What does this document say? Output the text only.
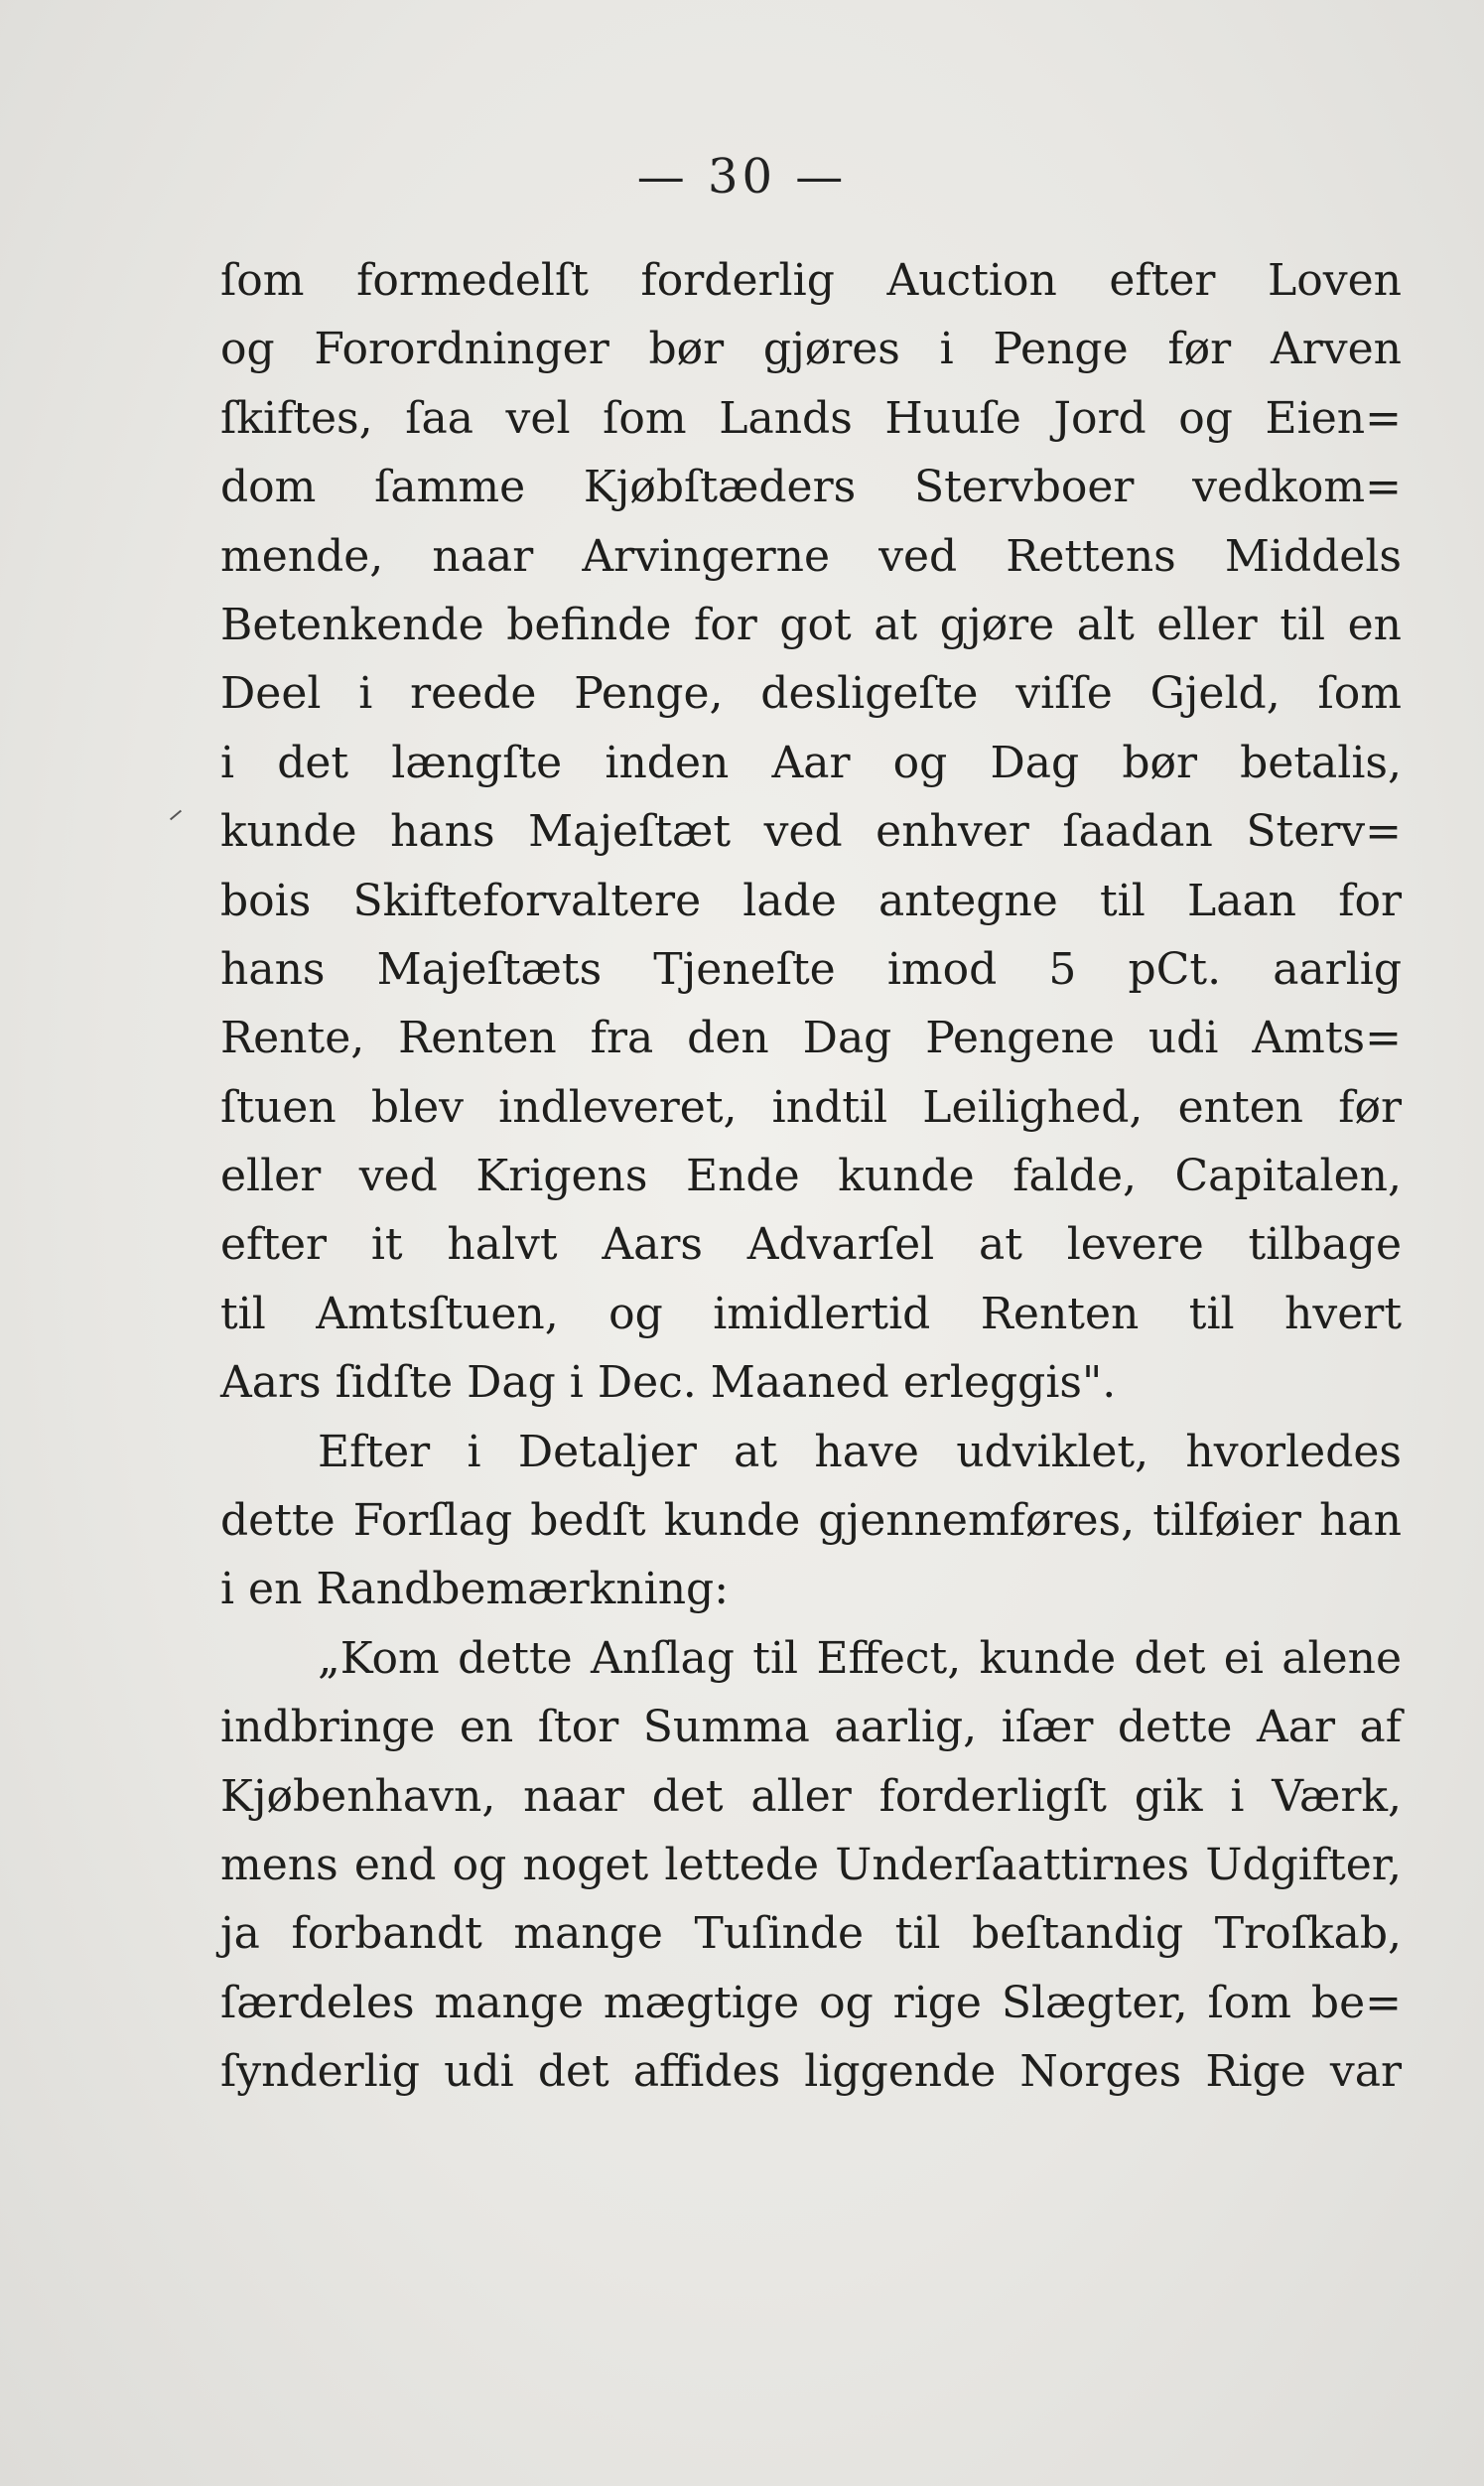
— 30 —
ſom formedelſt forderlig Auction efter Loven
og Forordninger bør gjøres i Penge før Arven
ſkiftes, ſaa vel ſom Lands Huuſe Jord og Eien=
dom ſamme Kjøbſtæders Stervboer vedkom=
mende, naar Arvingerne ved Rettens Middels
Betenkende befinde for got at gjøre alt eller til en
Deel i reede Penge, desligeſte viſſe Gjeld, ſom
i det længſte inden Aar og Dag bør betalis,
kunde hans Majeſtæt ved enhver ſaadan Sterv=
bois Skifteforvaltere lade antegne til Laan for
hans Majeſtæts Tjeneſte imod 5 pCt. aarlig
Rente, Renten fra den Dag Pengene udi Amts=
ſtuen blev indleveret, indtil Leilighed, enten før
eller ved Krigens Ende kunde falde, Capitalen,
efter it halvt Aars Advarſel at levere tilbage
til Amtsſtuen, og imidlertid Renten til hvert
Aars ſidſte Dag i Dec. Maaned erleggis".
Efter i Detaljer at have udviklet, hvorledes
dette Forſlag bedſt kunde gjennemføres, tilføier han
i en Randbemærkning:
„Kom dette Anſlag til Effect, kunde det ei alene
indbringe en ſtor Summa aarlig, iſær dette Aar af
Kjøbenhavn, naar det aller forderligſt gik i Værk,
mens end og noget lettede Underſaattirnes Udgifter,
ja forbandt mange Tuſinde til beſtandig Troſkab,
ſærdeles mange mægtige og rige Slægter, ſom be=
ſynderlig udi det affides liggende Norges Rige var
